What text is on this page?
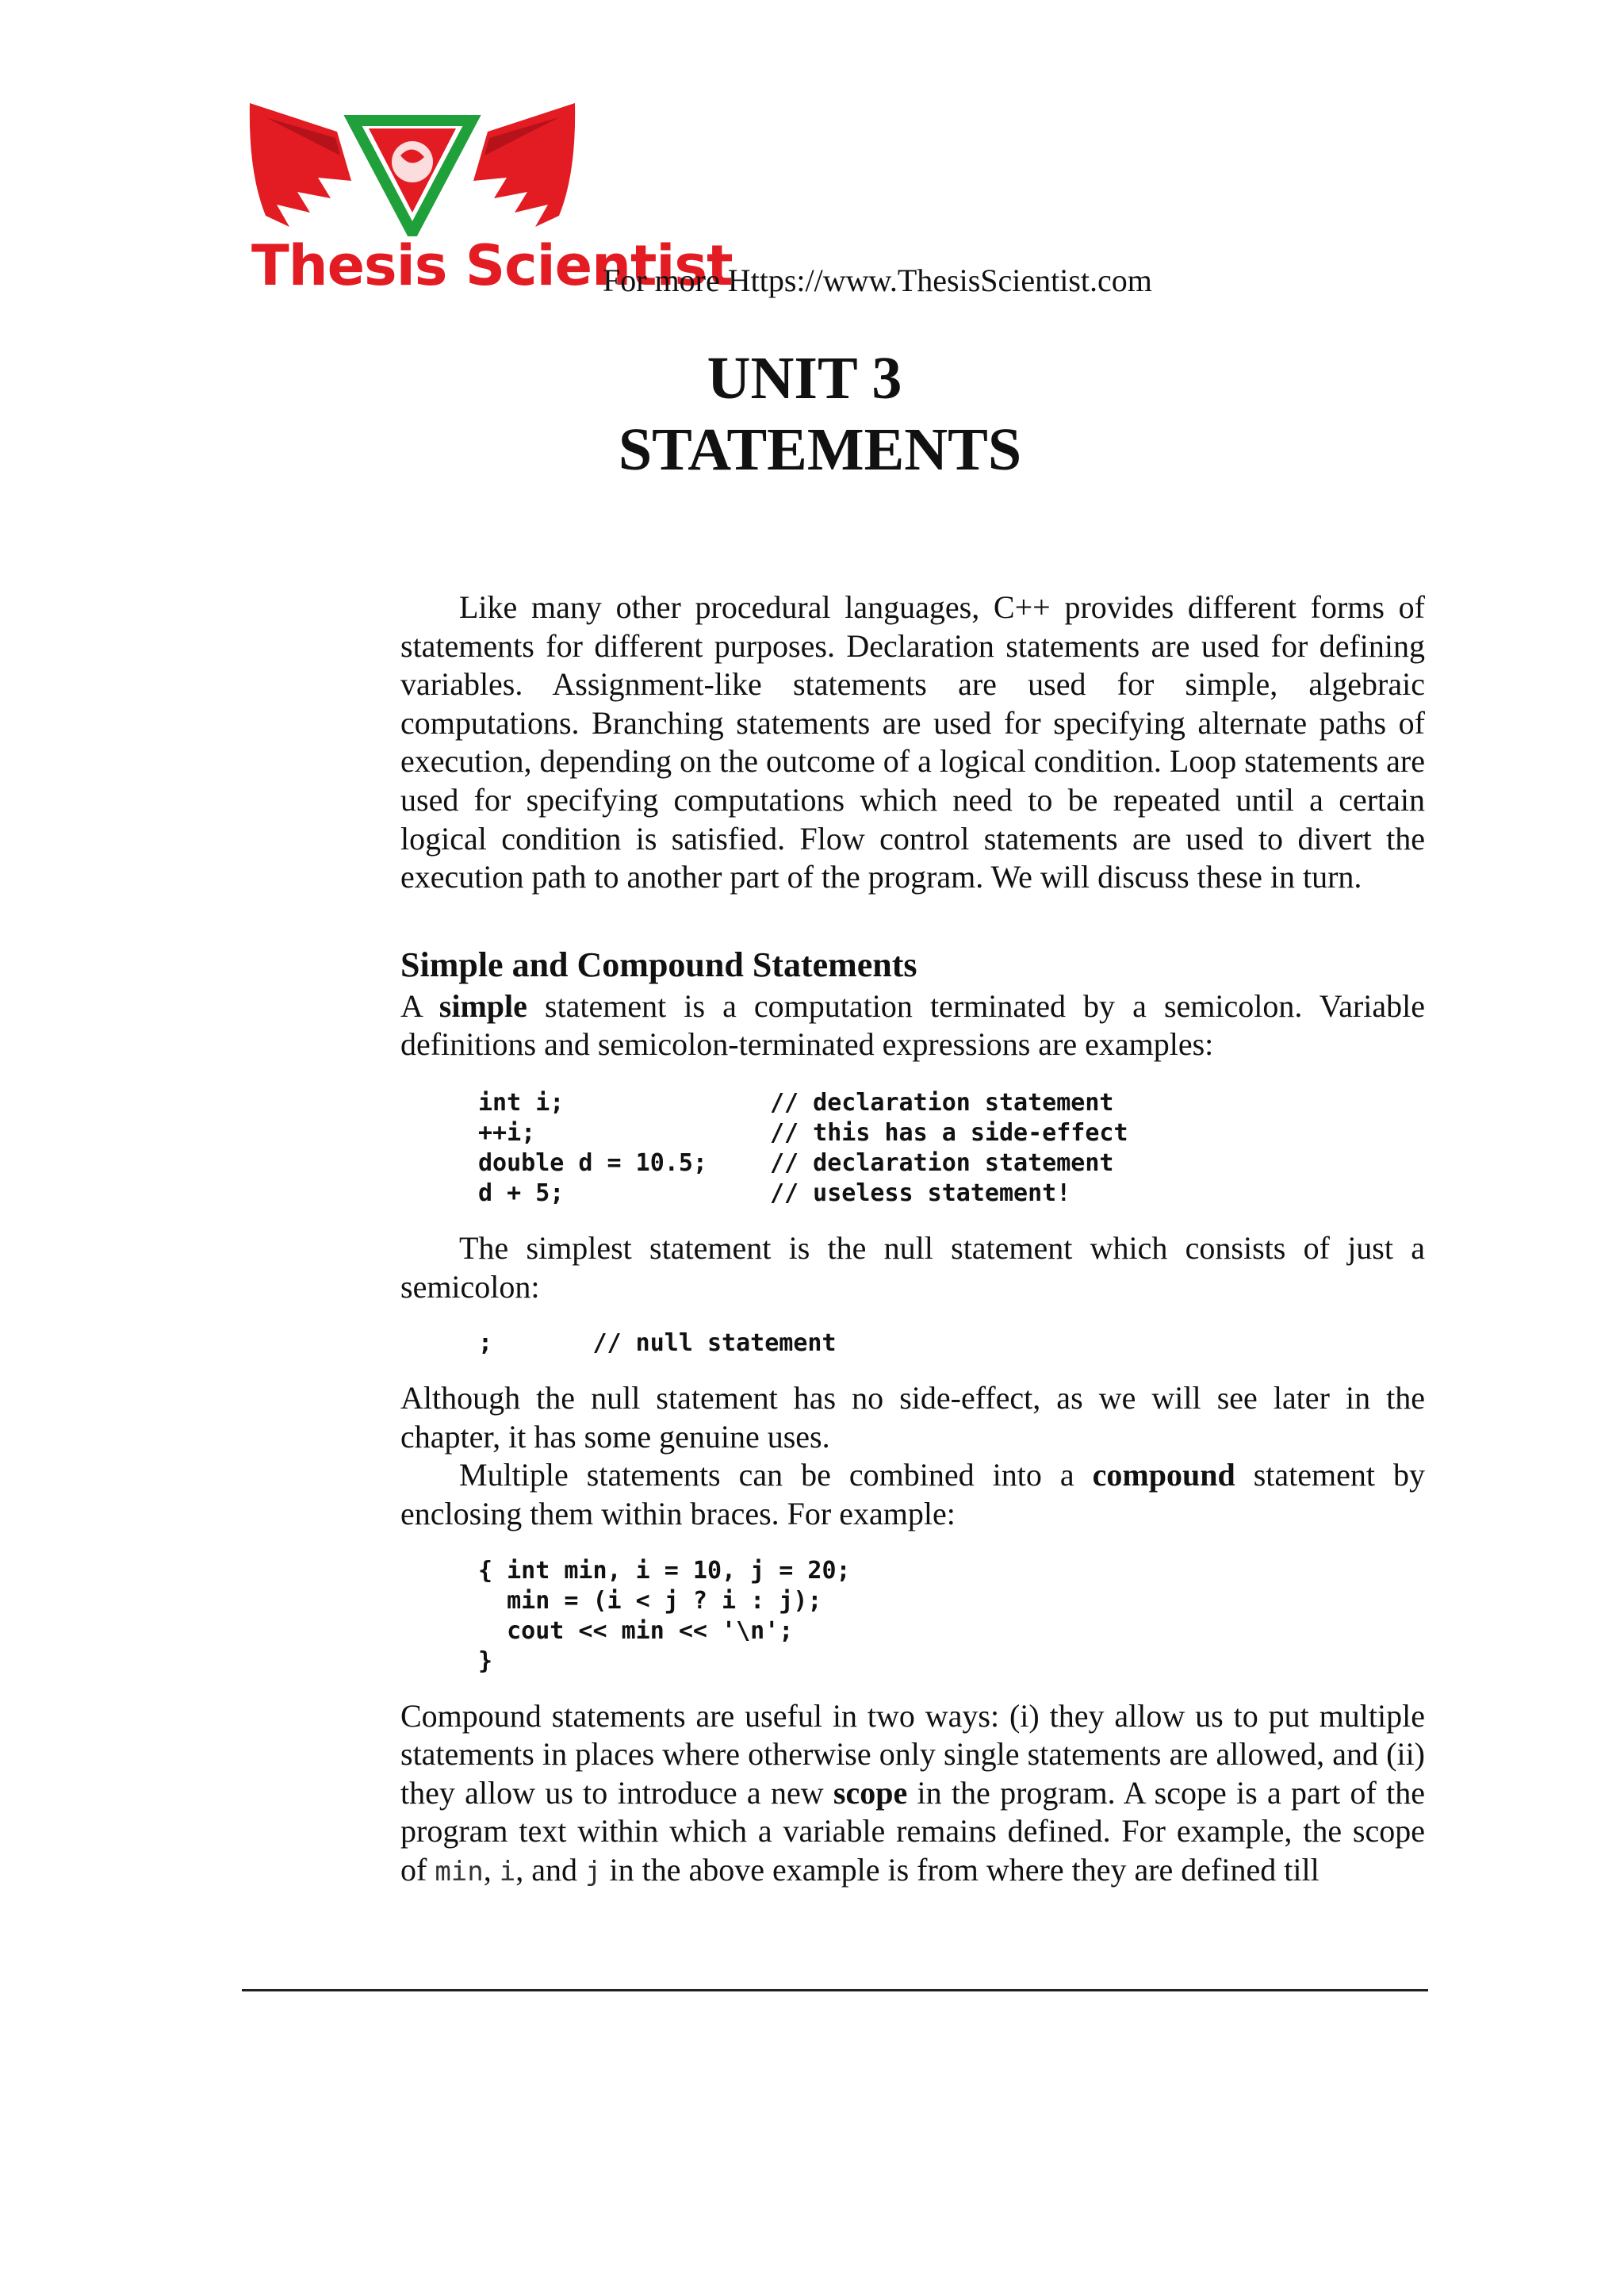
Thesis Scientist
For more Https://www.ThesisScientist.com
UNIT 3
STATEMENTS

Like many other procedural languages, C++ provides different forms of statements for different purposes. Declaration statements are used for defining variables. Assignment-like statements are used for simple, algebraic computations. Branching statements are used for specifying alternate paths of execution, depending on the outcome of a logical condition. Loop statements are used for specifying computations which need to be repeated until a certain logical condition is satisfied. Flow control statements are used to divert the execution path to another part of the program. We will discuss these in turn.

Simple and Compound Statements

A simple statement is a computation terminated by a semicolon. Variable definitions and semicolon-terminated expressions are examples:

int i;	// declaration statement
++i;	// this has a side-effect
double d = 10.5;	// declaration statement
d + 5;	// useless statement!

The simplest statement is the null statement which consists of just a semicolon:

;       // null statement

Although the null statement has no side-effect, as we will see later in the chapter, it has some genuine uses.

Multiple statements can be combined into a compound statement by enclosing them within braces. For example:

{ int min, i = 10, j = 20;
min = (i < j ? i : j);
cout << min << '\n';
}

Compound statements are useful in two ways: (i) they allow us to put multiple statements in places where otherwise only single statements are allowed, and (ii) they allow us to introduce a new scope in the program. A scope is a part of the program text within which a variable remains defined. For example, the scope of min, i, and j in the above example is from where they are defined till
